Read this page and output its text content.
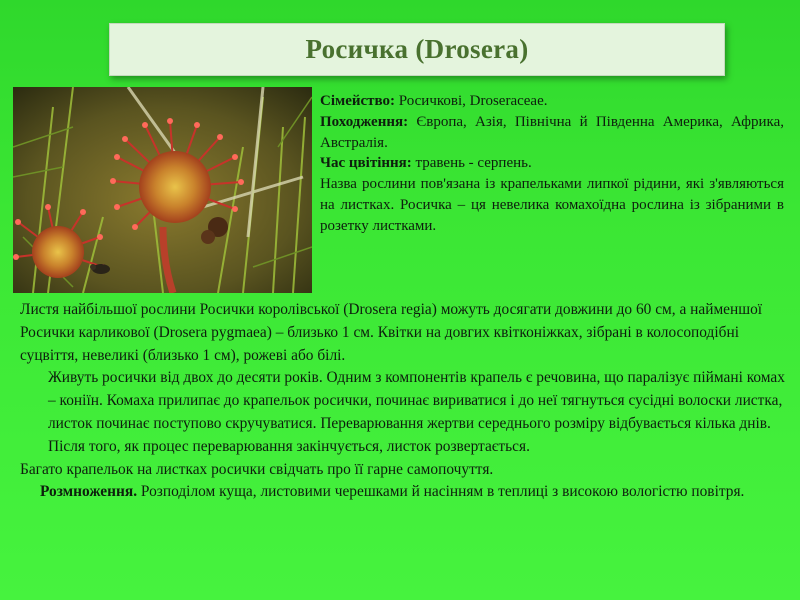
Росичка (Drosera)

Сімейство: Росичкові, Droseraceae.

Походження: Європа, Азія, Північна й Південна Америка, Африка, Австралія.

Час цвітіння: травень - серпень.

Назва рослини пов'язана із крапельками липкої рідини, які з'являються на листках. Росичка – ця невелика комахоїдна рослина із зібраними в розетку листками.

Листя найбільшої рослини Росички королівської (Drosera regia) можуть досягати довжини до 60 см, а найменшої Росички карликової (Drosera pygmaea) – близько 1 см. Квітки на довгих квітконіжках, зібрані в колосоподібні суцвіття, невеликі (близько 1 см), рожеві або білі.

Живуть росички від двох до десяти років. Одним з компонентів крапель є речовина, що паралізує піймані комах – коніїн. Комаха прилипає до крапельок росички, починає вириватися і до неї тягнуться сусідні волоски листка, листок починає поступово скручуватися. Переварювання жертви середнього розміру відбувається кілька днів. Після того, як процес переварювання закінчується, листок розвертається.

Багато крапельок на листках росички свідчать про її гарне самопочуття.

Розмноження. Розподілом куща, листовими черешками й насінням в теплиці з високою вологістю повітря.
